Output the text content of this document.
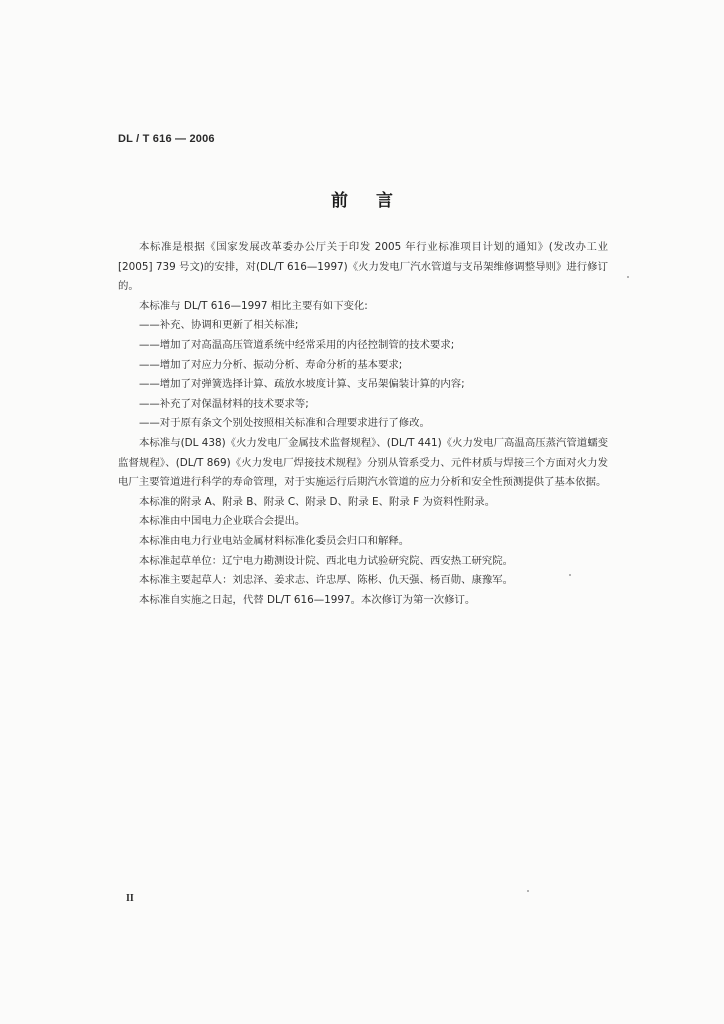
DL / T 616 — 2006
前言

本标准是根据《国家发展改革委办公厅关于印发 2005 年行业标准项目计划的通知》(发改办工业[2005] 739 号文)的安排，对(DL/T 616—1997)《火力发电厂汽水管道与支吊架维修调整导则》进行修订的。

本标准与 DL/T 616—1997 相比主要有如下变化:

——补充、协调和更新了相关标准;

——增加了对高温高压管道系统中经常采用的内径控制管的技术要求;

——增加了对应力分析、振动分析、寿命分析的基本要求;

——增加了对弹簧选择计算、疏放水坡度计算、支吊架偏装计算的内容;

——补充了对保温材料的技术要求等;

——对于原有条文个别处按照相关标准和合理要求进行了修改。

本标准与(DL 438)《火力发电厂金属技术监督规程》、(DL/T 441)《火力发电厂高温高压蒸汽管道蠕变监督规程》、(DL/T 869)《火力发电厂焊接技术规程》分别从管系受力、元件材质与焊接三个方面对火力发电厂主要管道进行科学的寿命管理，对于实施运行后期汽水管道的应力分析和安全性预测提供了基本依据。

本标准的附录 A、附录 B、附录 C、附录 D、附录 E、附录 F 为资料性附录。

本标准由中国电力企业联合会提出。

本标准由电力行业电站金属材料标准化委员会归口和解释。

本标准起草单位：辽宁电力勘测设计院、西北电力试验研究院、西安热工研究院。

本标准主要起草人：刘忠泽、姜求志、许忠厚、陈彬、仇天强、杨百勋、康豫军。

本标准自实施之日起，代替 DL/T 616—1997。本次修订为第一次修订。

II
